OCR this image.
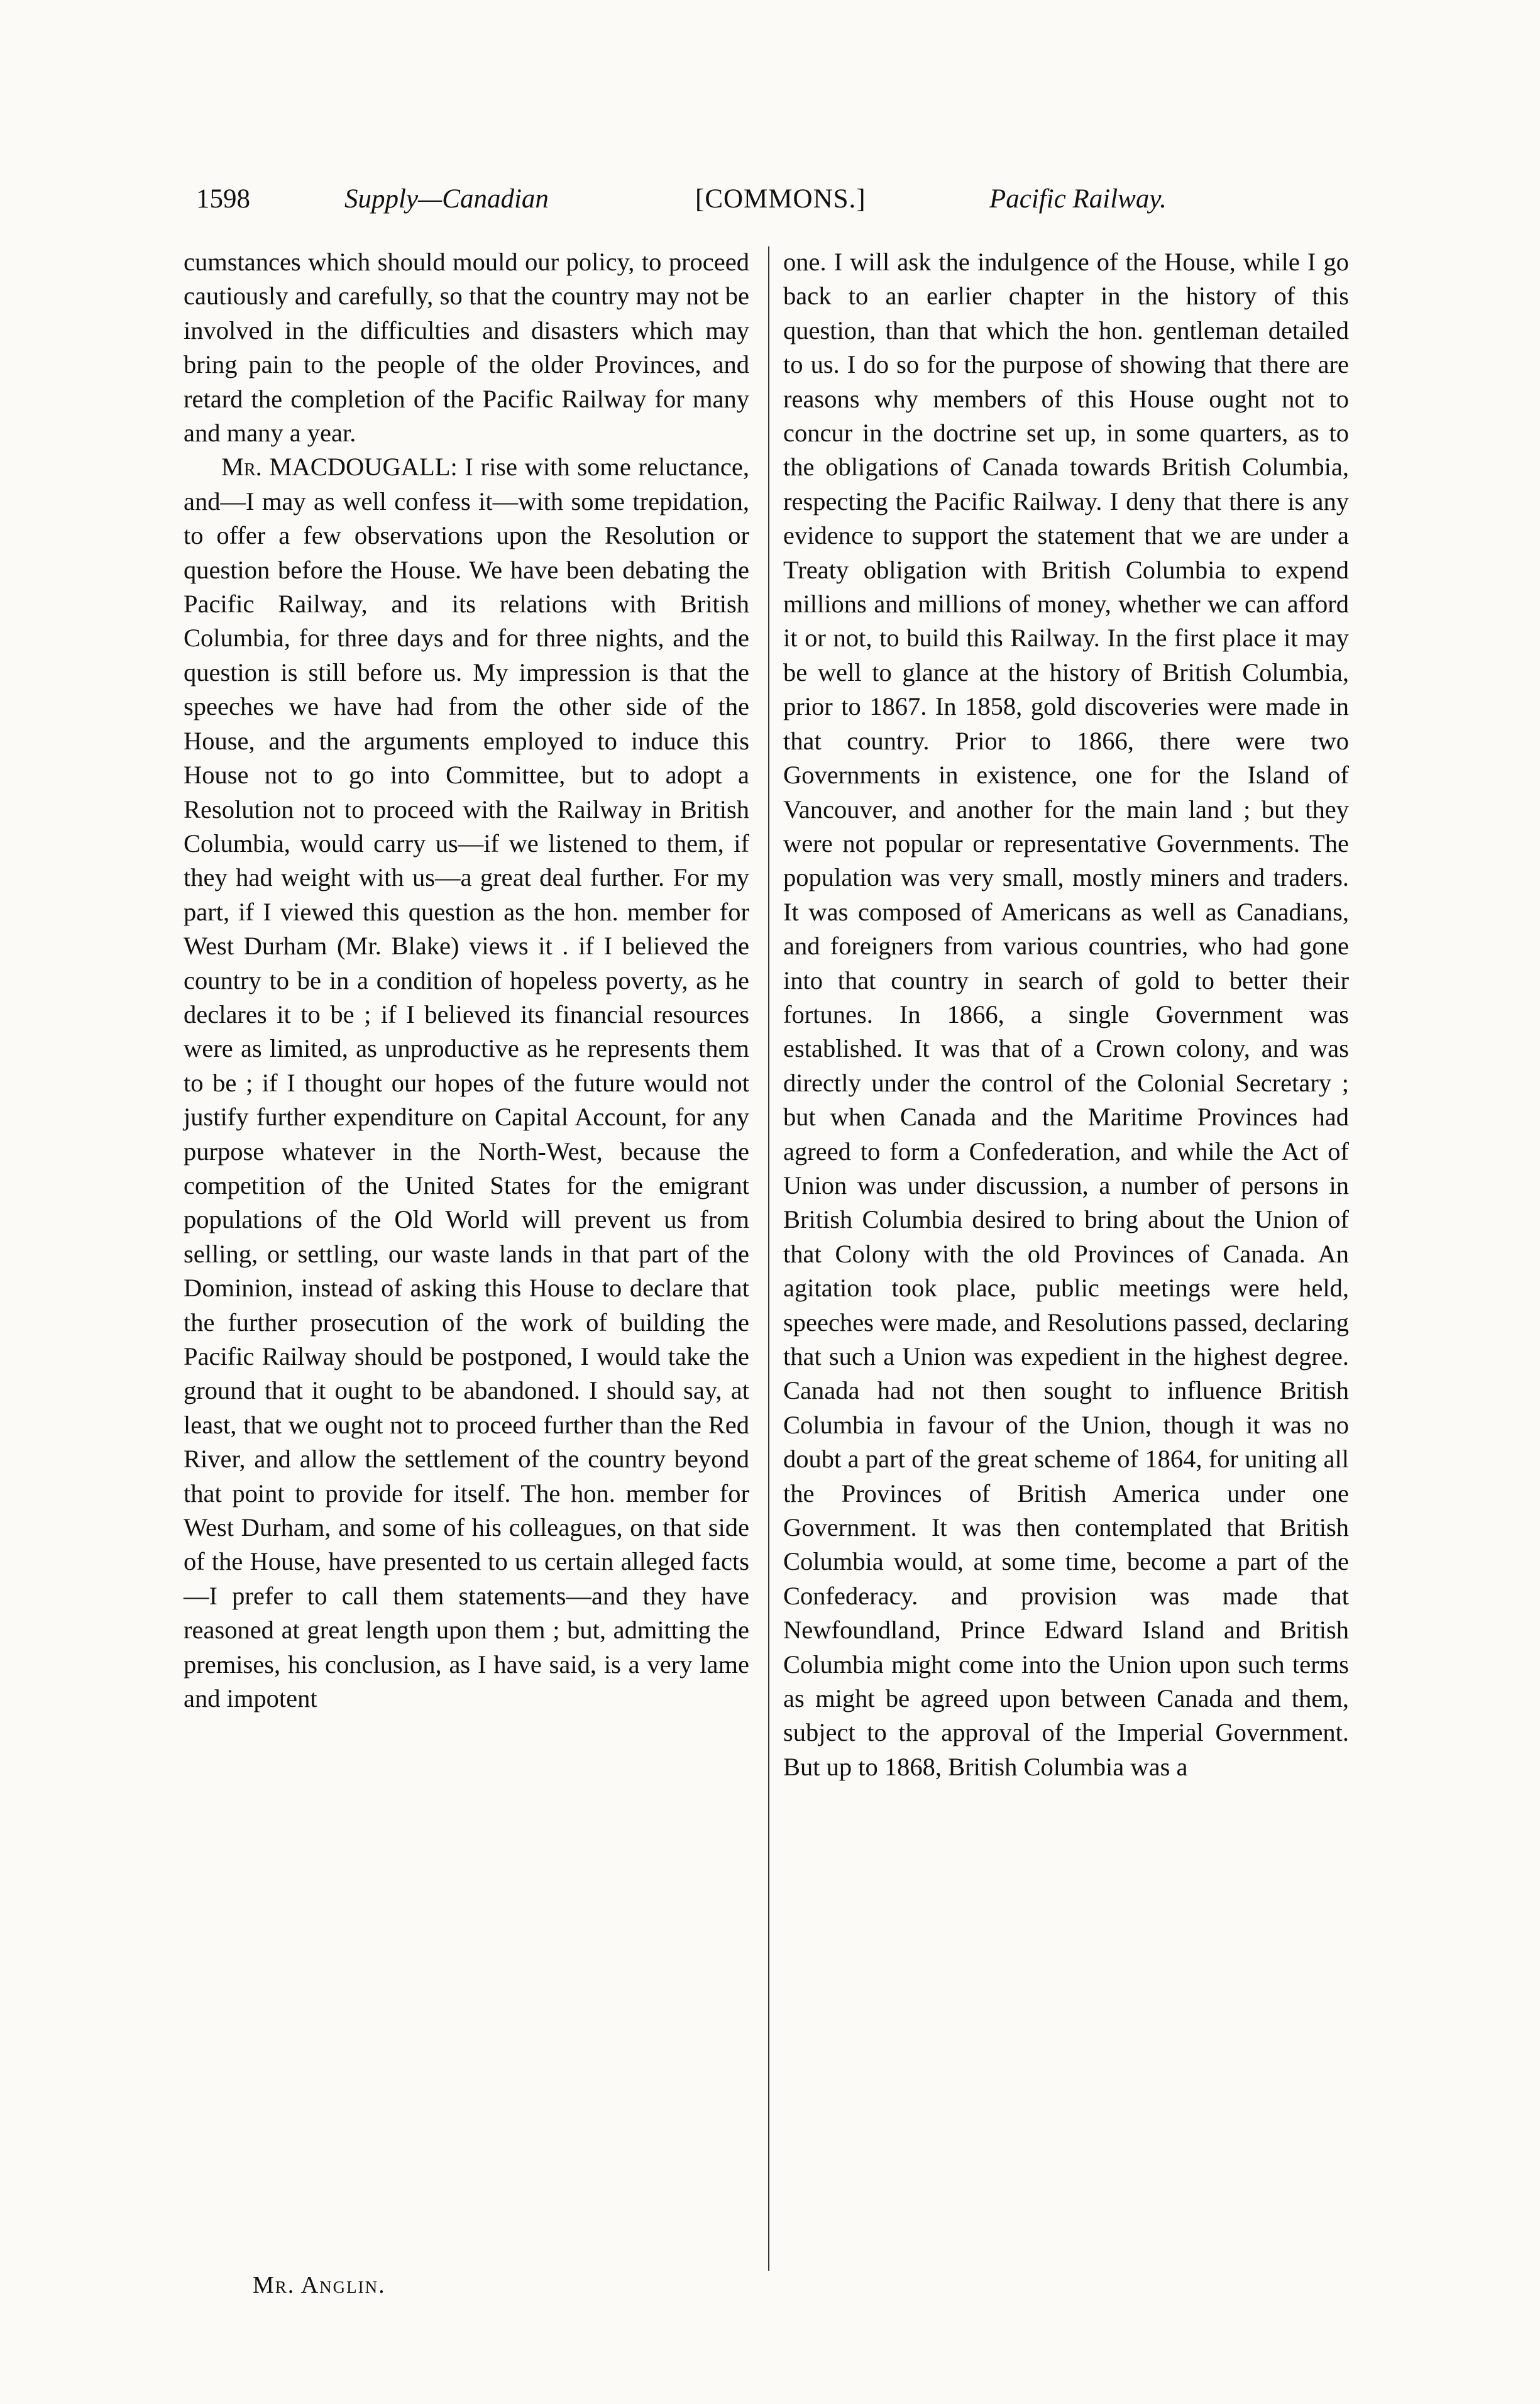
1598	Supply—Canadian	[COMMONS.]	Pacific Railway.

cumstances which should mould our policy, to proceed cautiously and carefully, so that the country may not be involved in the difficulties and disasters which may bring pain to the people of the older Provinces, and retard the completion of the Pacific Railway for many and many a year.

Mr. MACDOUGALL: I rise with some reluctance, and—I may as well confess it—with some trepidation, to offer a few observations upon the Resolution or question before the House. We have been debating the Pacific Railway, and its relations with British Columbia, for three days and for three nights, and the question is still before us. My impression is that the speeches we have had from the other side of the House, and the arguments employed to induce this House not to go into Committee, but to adopt a Resolution not to proceed with the Railway in British Columbia, would carry us—if we listened to them, if they had weight with us—a great deal further. For my part, if I viewed this question as the hon. member for West Durham (Mr. Blake) views it . if I believed the country to be in a condition of hopeless poverty, as he declares it to be ; if I believed its financial resources were as limited, as unproductive as he represents them to be ; if I thought our hopes of the future would not justify further expenditure on Capital Account, for any purpose whatever in the North-West, because the competition of the United States for the emigrant populations of the Old World will prevent us from selling, or settling, our waste lands in that part of the Dominion, instead of asking this House to declare that the further prosecution of the work of building the Pacific Railway should be postponed, I would take the ground that it ought to be abandoned. I should say, at least, that we ought not to proceed further than the Red River, and allow the settlement of the country beyond that point to provide for itself. The hon. member for West Durham, and some of his colleagues, on that side of the House, have presented to us certain alleged facts—I prefer to call them statements—and they have reasoned at great length upon them ; but, admitting the premises, his conclusion, as I have said, is a very lame and impotent

one. I will ask the indulgence of the House, while I go back to an earlier chapter in the history of this question, than that which the hon. gentleman detailed to us. I do so for the purpose of showing that there are reasons why members of this House ought not to concur in the doctrine set up, in some quarters, as to the obligations of Canada towards British Columbia, respecting the Pacific Railway. I deny that there is any evidence to support the statement that we are under a Treaty obligation with British Columbia to expend millions and millions of money, whether we can afford it or not, to build this Railway. In the first place it may be well to glance at the history of British Columbia, prior to 1867. In 1858, gold discoveries were made in that country. Prior to 1866, there were two Governments in existence, one for the Island of Vancouver, and another for the main land ; but they were not popular or representative Governments. The population was very small, mostly miners and traders. It was composed of Americans as well as Canadians, and foreigners from various countries, who had gone into that country in search of gold to better their fortunes. In 1866, a single Government was established. It was that of a Crown colony, and was directly under the control of the Colonial Secretary ; but when Canada and the Maritime Provinces had agreed to form a Confederation, and while the Act of Union was under discussion, a number of persons in British Columbia desired to bring about the Union of that Colony with the old Provinces of Canada. An agitation took place, public meetings were held, speeches were made, and Resolutions passed, declaring that such a Union was expedient in the highest degree. Canada had not then sought to influence British Columbia in favour of the Union, though it was no doubt a part of the great scheme of 1864, for uniting all the Provinces of British America under one Government. It was then contemplated that British Columbia would, at some time, become a part of the Confederacy. and provision was made that Newfoundland, Prince Edward Island and British Columbia might come into the Union upon such terms as might be agreed upon between Canada and them, subject to the approval of the Imperial Government. But up to 1868, British Columbia was a

Mr. Anglin.
